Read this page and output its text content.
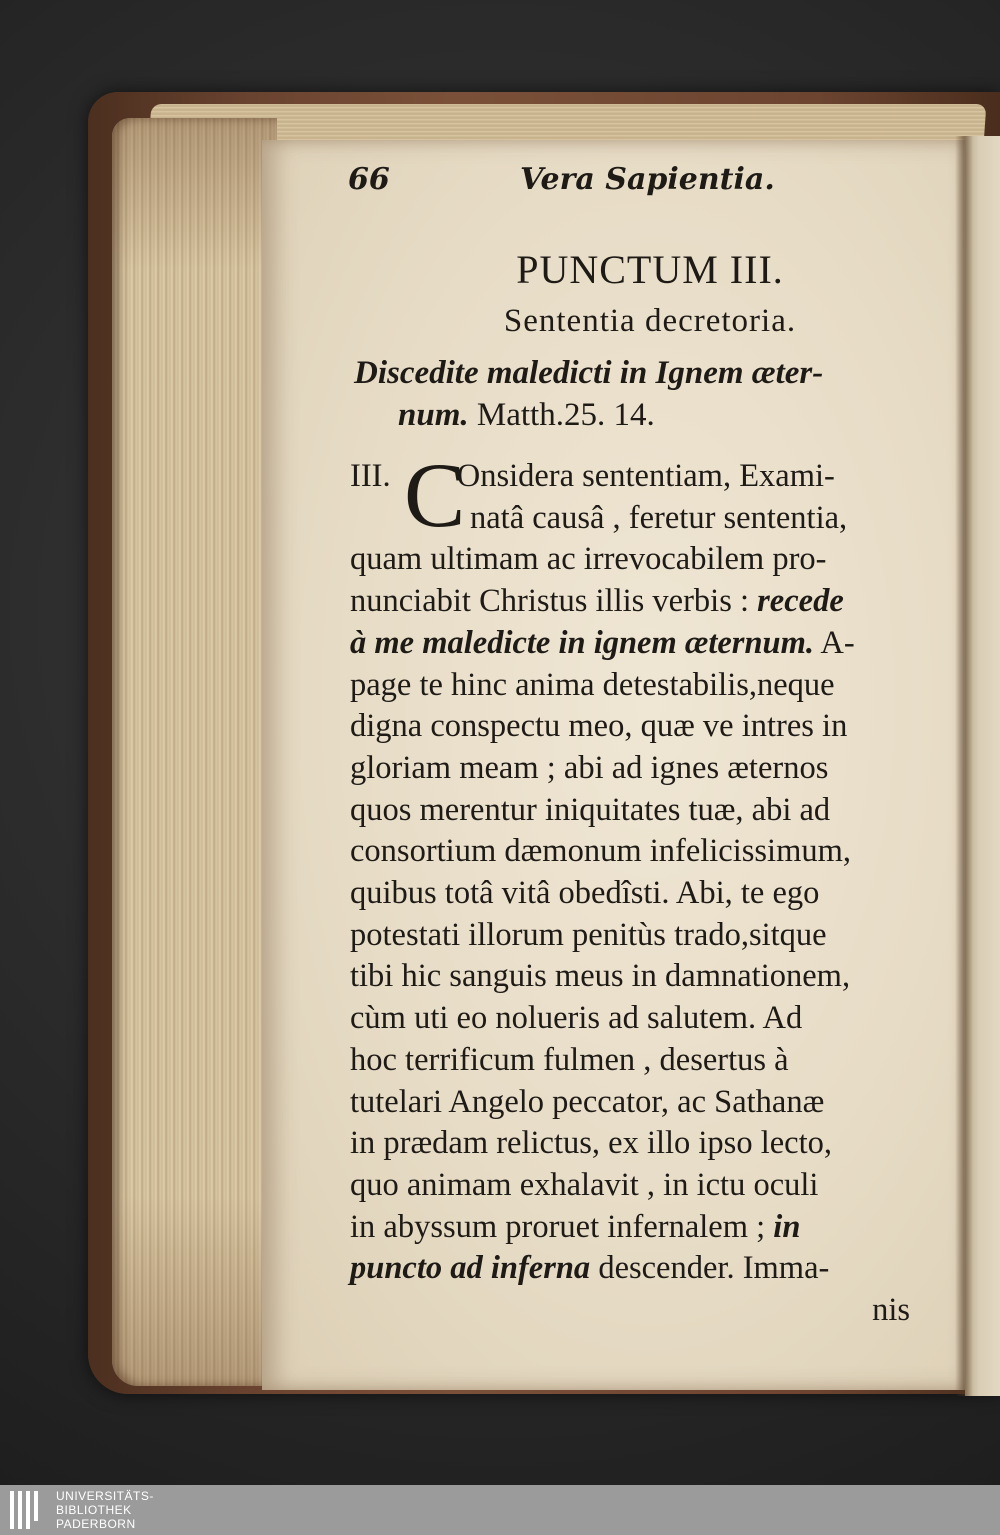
66	Vera Sapientia.
PUNCTUM III.
Sententia decretoria.
Discedite maledicti in Ignem æter-
num. Matth.25. 14.
III. C
Onsidera sententiam, Exami-
natâ causâ , feretur sententia,
quam ultimam ac irrevocabilem pro-
nunciabit Christus illis verbis : recede
à me maledicte in ignem æternum. A-
page te hinc anima detestabilis,neque
digna conspectu meo, quæ ve intres in
gloriam meam ; abi ad ignes æternos
quos merentur iniquitates tuæ, abi ad
consortium dæmonum infelicissimum,
quibus totâ vitâ obedîsti. Abi, te ego
potestati illorum penitùs trado,sitque
tibi hic sanguis meus in damnationem,
cùm uti eo nolueris ad salutem. Ad
hoc terrificum fulmen , desertus à
tutelari Angelo peccator, ac Sathanæ
in prædam relictus, ex illo ipso lecto,
quo animam exhalavit , in ictu oculi
in abyssum proruet infernalem ; in
puncto ad inferna descender. Imma-
nis
UNIVERSITÄTS-
BIBLIOTHEK
PADERBORN
